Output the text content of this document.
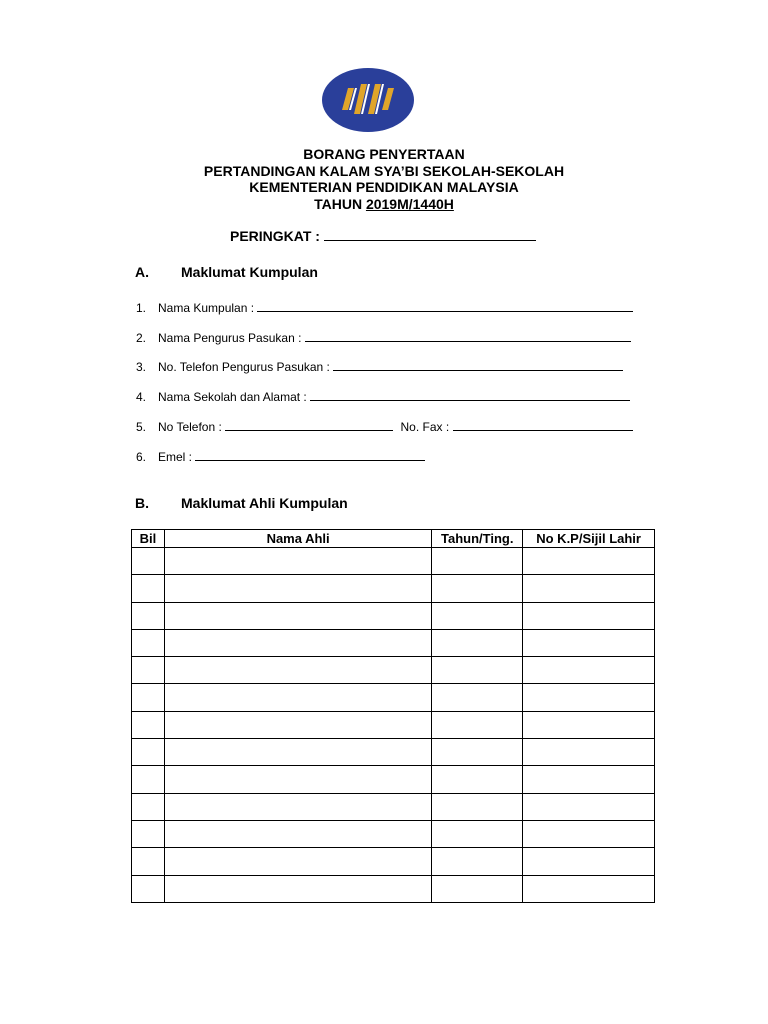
BORANG PENYERTAAN
PERTANDINGAN KALAM SYA’BI SEKOLAH-SEKOLAH
KEMENTERIAN PENDIDIKAN MALAYSIA
TAHUN 2019M/1440H
PERINGKAT :
A. Maklumat Kumpulan
1. Nama Kumpulan :
2. Nama Pengurus Pasukan :
3. No. Telefon Pengurus Pasukan :
4. Nama Sekolah dan Alamat :
5. No Telefon :	No. Fax :
6. Emel :
B. Maklumat Ahli Kumpulan
Bil	Nama Ahli	Tahun/Ting.	No K.P/Sijil Lahir
